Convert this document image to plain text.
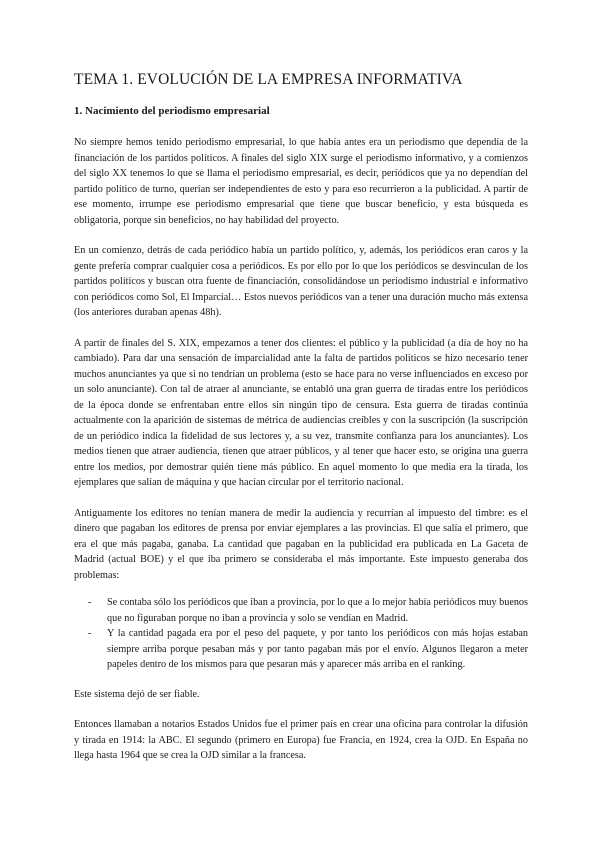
TEMA 1. EVOLUCIÓN DE LA EMPRESA INFORMATIVA
1. Nacimiento del periodismo empresarial

No siempre hemos tenido periodismo empresarial, lo que había antes era un periodismo que dependía de la financiación de los partidos políticos. A finales del siglo XIX surge el periodismo informativo, y a comienzos del siglo XX tenemos lo que se llama el periodismo empresarial, es decir, periódicos que ya no dependían del partido político de turno, querían ser independientes de esto y para eso recurrieron a la publicidad. A partir de ese momento, irrumpe ese periodismo empresarial que tiene que buscar beneficio, y esta búsqueda es obligatoria, porque sin beneficios, no hay habilidad del proyecto.

En un comienzo, detrás de cada periódico había un partido político, y, además, los periódicos eran caros y la gente prefería comprar cualquier cosa a periódicos. Es por ello por lo que los periódicos se desvinculan de los partidos políticos y buscan otra fuente de financiación, consolidándose un periodismo industrial e informativo con periódicos como Sol, El Imparcial… Estos nuevos periódicos van a tener una duración mucho más extensa (los anteriores duraban apenas 48h).

A partir de finales del S. XIX, empezamos a tener dos clientes: el público y la publicidad (a día de hoy no ha cambiado). Para dar una sensación de imparcialidad ante la falta de partidos políticos se hizo necesario tener muchos anunciantes ya que si no tendrían un problema (esto se hace para no verse influenciados en exceso por un solo anunciante). Con tal de atraer al anunciante, se entabló una gran guerra de tiradas entre los periódicos de la época donde se enfrentaban entre ellos sin ningún tipo de censura. Esta guerra de tiradas continúa actualmente con la aparición de sistemas de métrica de audiencias creíbles y con la suscripción (la suscripción de un periódico indica la fidelidad de sus lectores y, a su vez, transmite confianza para los anunciantes). Los medios tienen que atraer audiencia, tienen que atraer públicos, y al tener que hacer esto, se origina una guerra entre los medios, por demostrar quién tiene más público. En aquel momento lo que media era la tirada, los ejemplares que salían de máquina y que hacían circular por el territorio nacional.

Antiguamente los editores no tenían manera de medir la audiencia y recurrían al impuesto del timbre: es el dinero que pagaban los editores de prensa por enviar ejemplares a las provincias. El que salía el primero, que era el que más pagaba, ganaba. La cantidad que pagaban en la publicidad era publicada en La Gaceta de Madrid (actual BOE) y el que iba primero se consideraba el más importante. Este impuesto generaba dos problemas:

- Se contaba sólo los periódicos que iban a provincia, por lo que a lo mejor había periódicos muy buenos que no figuraban porque no iban a provincia y solo se vendían en Madrid.
- Y la cantidad pagada era por el peso del paquete, y por tanto los periódicos con más hojas estaban siempre arriba porque pesaban más y por tanto pagaban más por el envío. Algunos llegaron a meter papeles dentro de los mismos para que pesaran más y aparecer más arriba en el ranking.

Este sistema dejó de ser fiable.

Entonces llamaban a notarios Estados Unidos fue el primer país en crear una oficina para controlar la difusión y tirada en 1914: la ABC. El segundo (primero en Europa) fue Francia, en 1924, crea la OJD. En España no llega hasta 1964 que se crea la OJD similar a la francesa.
